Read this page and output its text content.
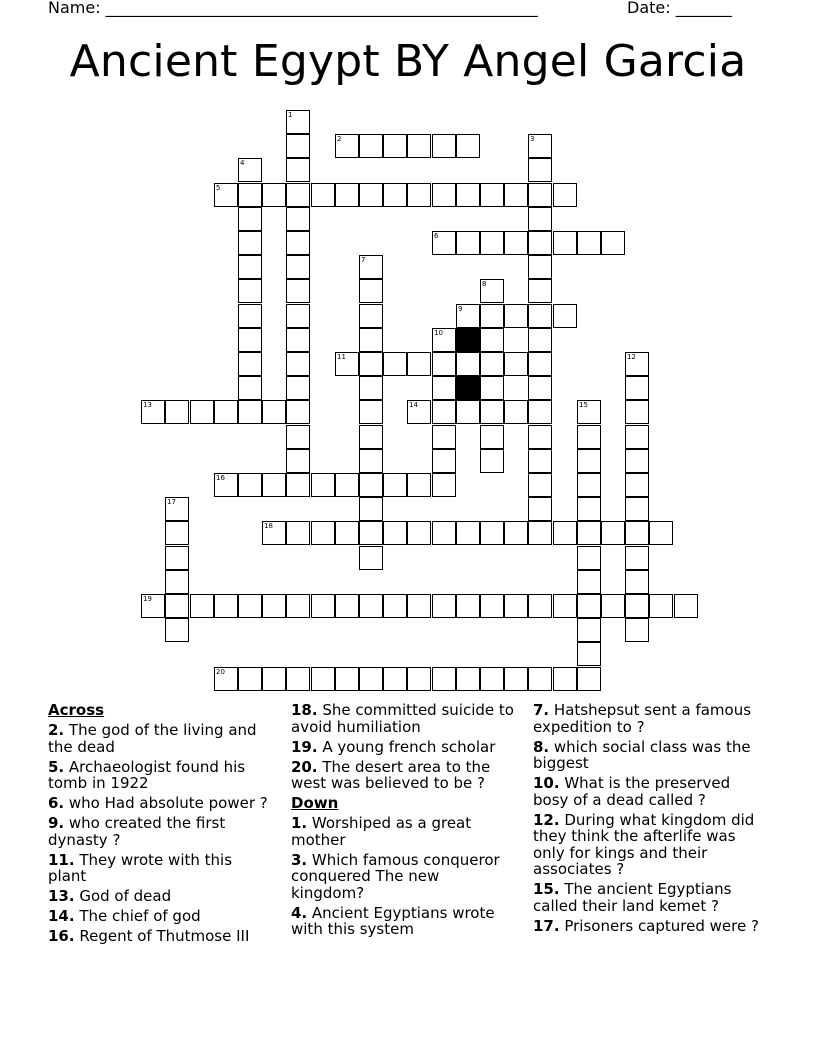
Name: ______________________________________________________	Date: _______
Ancient Egypt BY Angel Garcia
1
2	3
4
5
6
7
8
9
10
11	12
13	14	15
16
17
18
19
20
Across
2. The god of the living and the dead
5. Archaeologist found his tomb in 1922
6. who Had absolute power ?
9. who created the first dynasty ?
11. They wrote with this plant
13. God of dead
14. The chief of god
16. Regent of Thutmose III
18. She committed suicide to avoid humiliation
19. A young french scholar
20. The desert area to the west was believed to be ?
Down
1. Worshiped as a great mother
3. Which famous conqueror conquered The new kingdom?
4. Ancient Egyptians wrote with this system
7. Hatshepsut sent a famous expedition to ?
8. which social class was the biggest
10. What is the preserved bosy of a dead called ?
12. During what kingdom did they think the afterlife was only for kings and their associates ?
15. The ancient Egyptians called their land kemet ?
17. Prisoners captured were ?
